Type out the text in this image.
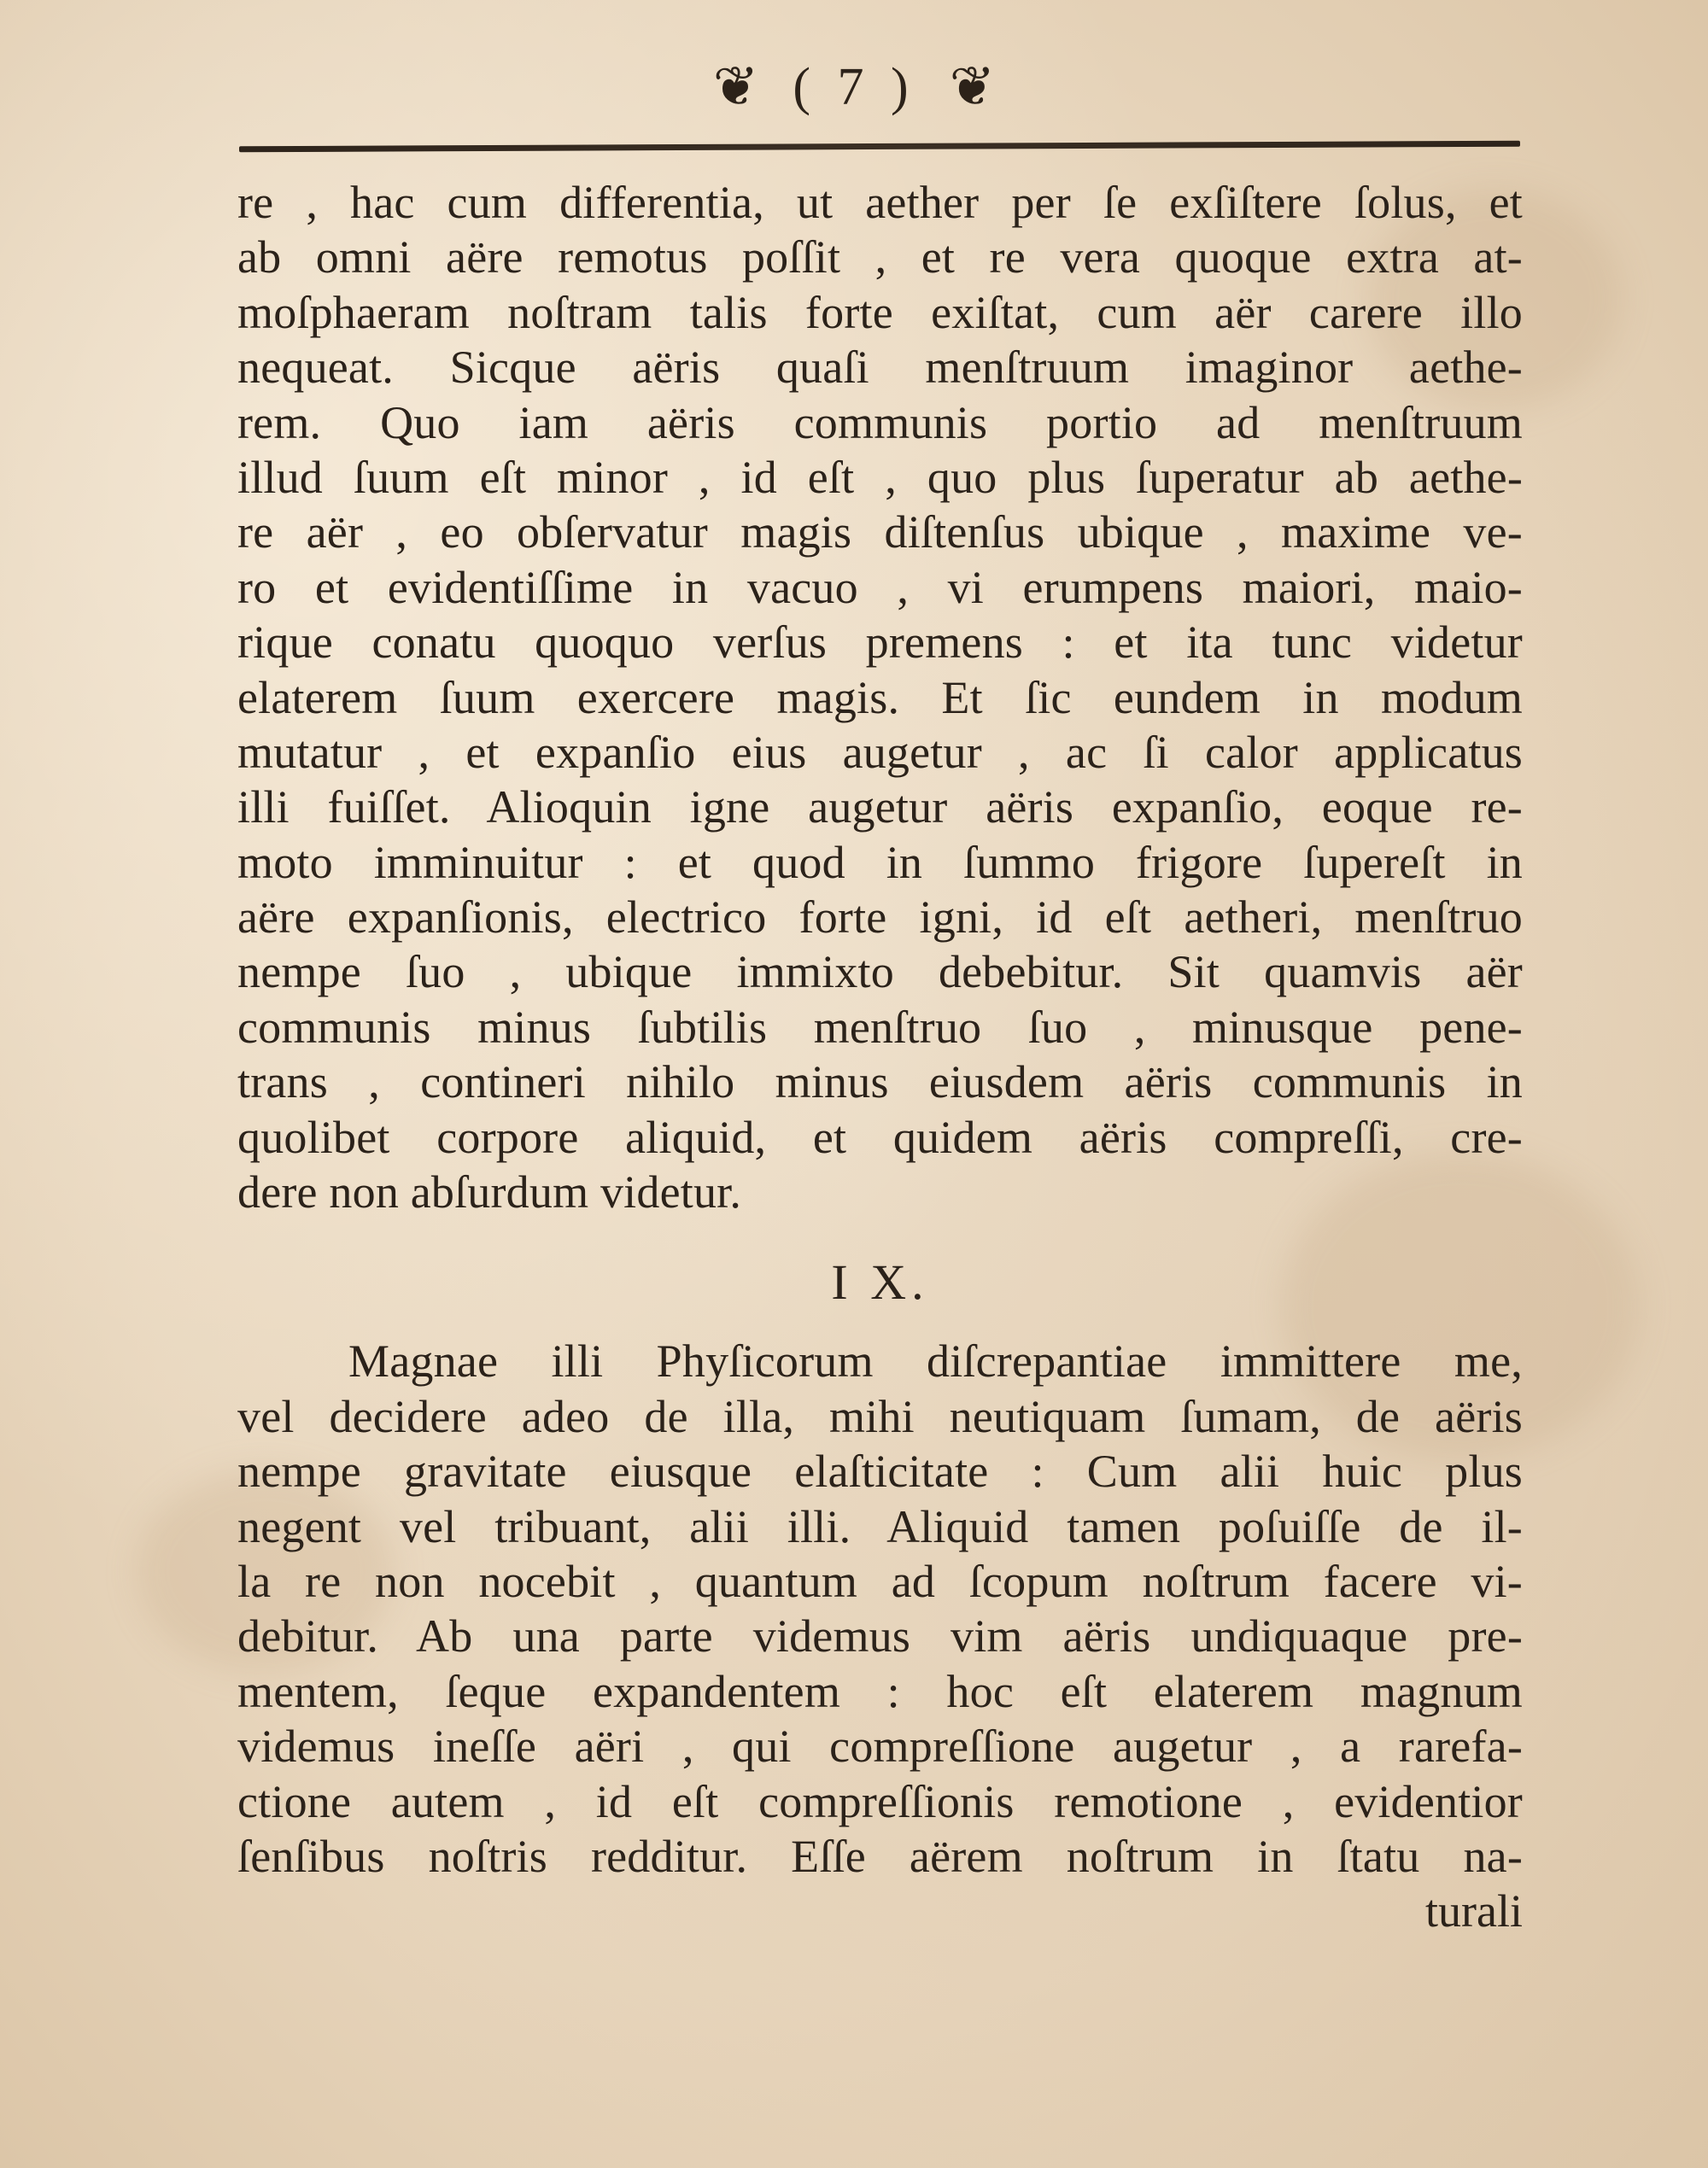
❦ ( 7 ) ❦
re , hac cum differentia, ut aether per ſe exſiſtere ſolus, et
ab omni aëre remotus poſſit , et re vera quoque extra at-
moſphaeram noſtram talis forte exiſtat, cum aër carere illo
nequeat. Sicque aëris quaſi menſtruum imaginor aethe-
rem. Quo iam aëris communis portio ad menſtruum
illud ſuum eſt minor , id eſt , quo plus ſuperatur ab aethe-
re aër , eo obſervatur magis diſtenſus ubique , maxime ve-
ro et evidentiſſime in vacuo , vi erumpens maiori, maio-
rique conatu quoquo verſus premens : et ita tunc videtur
elaterem ſuum exercere magis. Et ſic eundem in modum
mutatur , et expanſio eius augetur , ac ſi calor applicatus
illi fuiſſet. Alioquin igne augetur aëris expanſio, eoque re-
moto imminuitur : et quod in ſummo frigore ſupereſt in
aëre expanſionis, electrico forte igni, id eſt aetheri, menſtruo
nempe ſuo , ubique immixto debebitur. Sit quamvis aër
communis minus ſubtilis menſtruo ſuo , minusque pene-
trans , contineri nihilo minus eiusdem aëris communis in
quolibet corpore aliquid, et quidem aëris compreſſi, cre-
dere non abſurdum videtur.
I X.
Magnae illi Phyſicorum diſcrepantiae immittere me,
vel decidere adeo de illa, mihi neutiquam ſumam, de aëris
nempe gravitate eiusque elaſticitate : Cum alii huic plus
negent vel tribuant, alii illi. Aliquid tamen poſuiſſe de il-
la re non nocebit , quantum ad ſcopum noſtrum facere vi-
debitur. Ab una parte videmus vim aëris undiquaque pre-
mentem, ſeque expandentem : hoc eſt elaterem magnum
videmus ineſſe aëri , qui compreſſione augetur , a rarefa-
ctione autem , id eſt compreſſionis remotione , evidentior
ſenſibus noſtris redditur. Eſſe aërem noſtrum in ſtatu na-
turali
